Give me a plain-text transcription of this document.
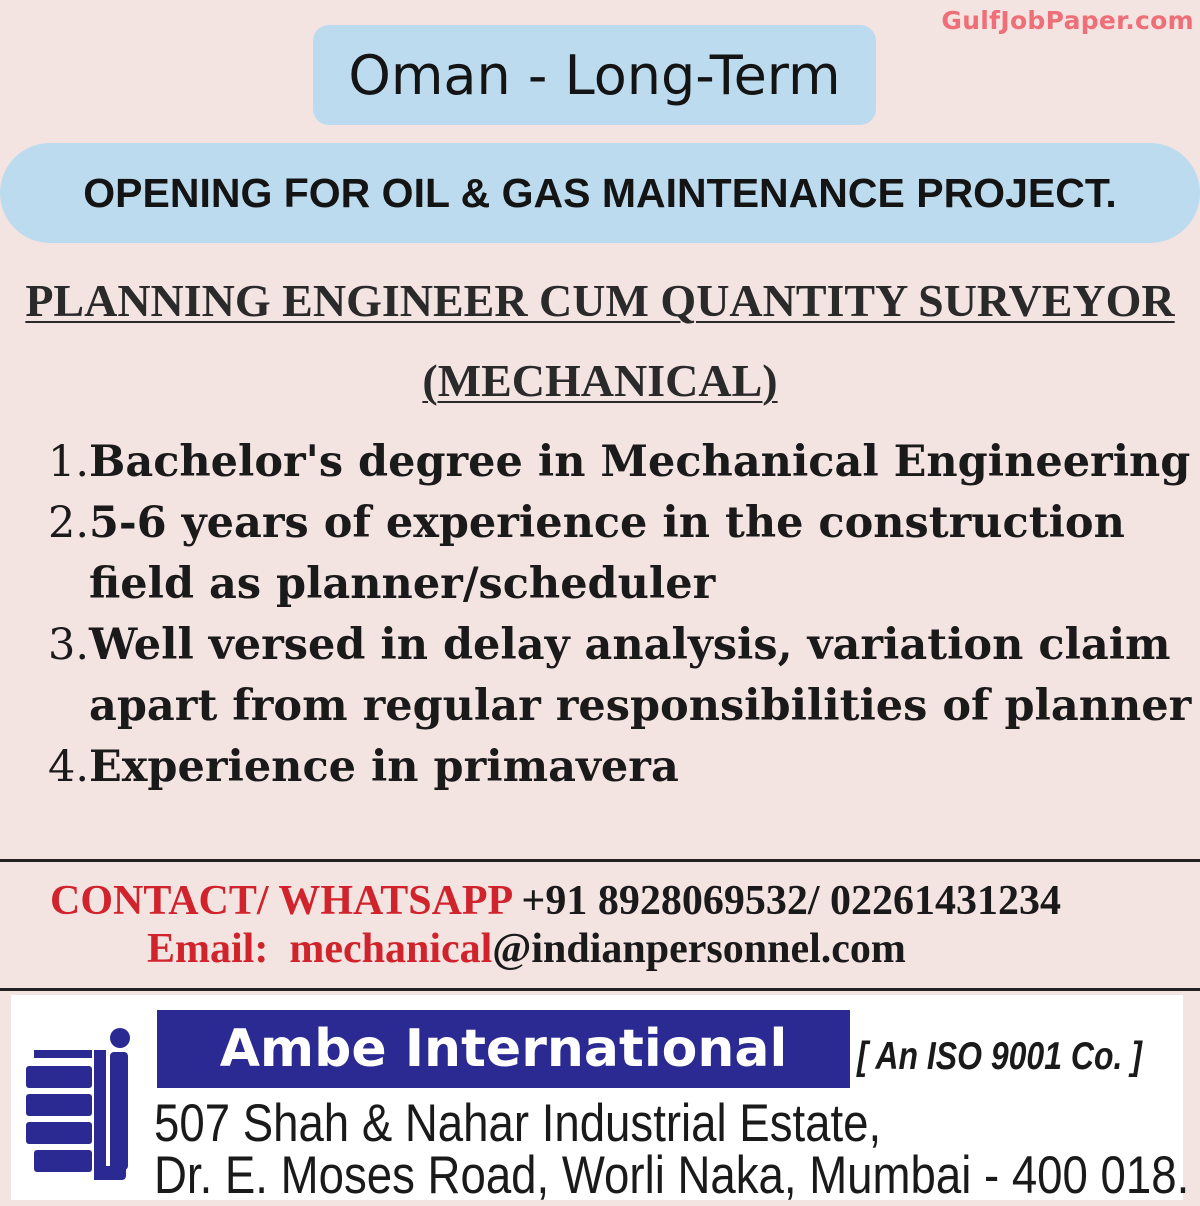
GulfJobPaper.com
Oman - Long-Term
OPENING FOR OIL & GAS MAINTENANCE PROJECT.
PLANNING ENGINEER CUM QUANTITY SURVEYOR
(MECHANICAL)
1. Bachelor's degree in Mechanical Engineering
2. 5-6 years of experience in the construction
field as planner/scheduler
3. Well versed in delay analysis, variation claim
apart from regular responsibilities of planner
4. Experience in primavera
CONTACT/ WHATSAPP +91 8928069532/ 02261431234
Email: mechanical@indianpersonnel.com
Ambe International	[ An ISO 9001 Co. ]
507 Shah & Nahar Industrial Estate,
Dr. E. Moses Road, Worli Naka, Mumbai - 400 018.
